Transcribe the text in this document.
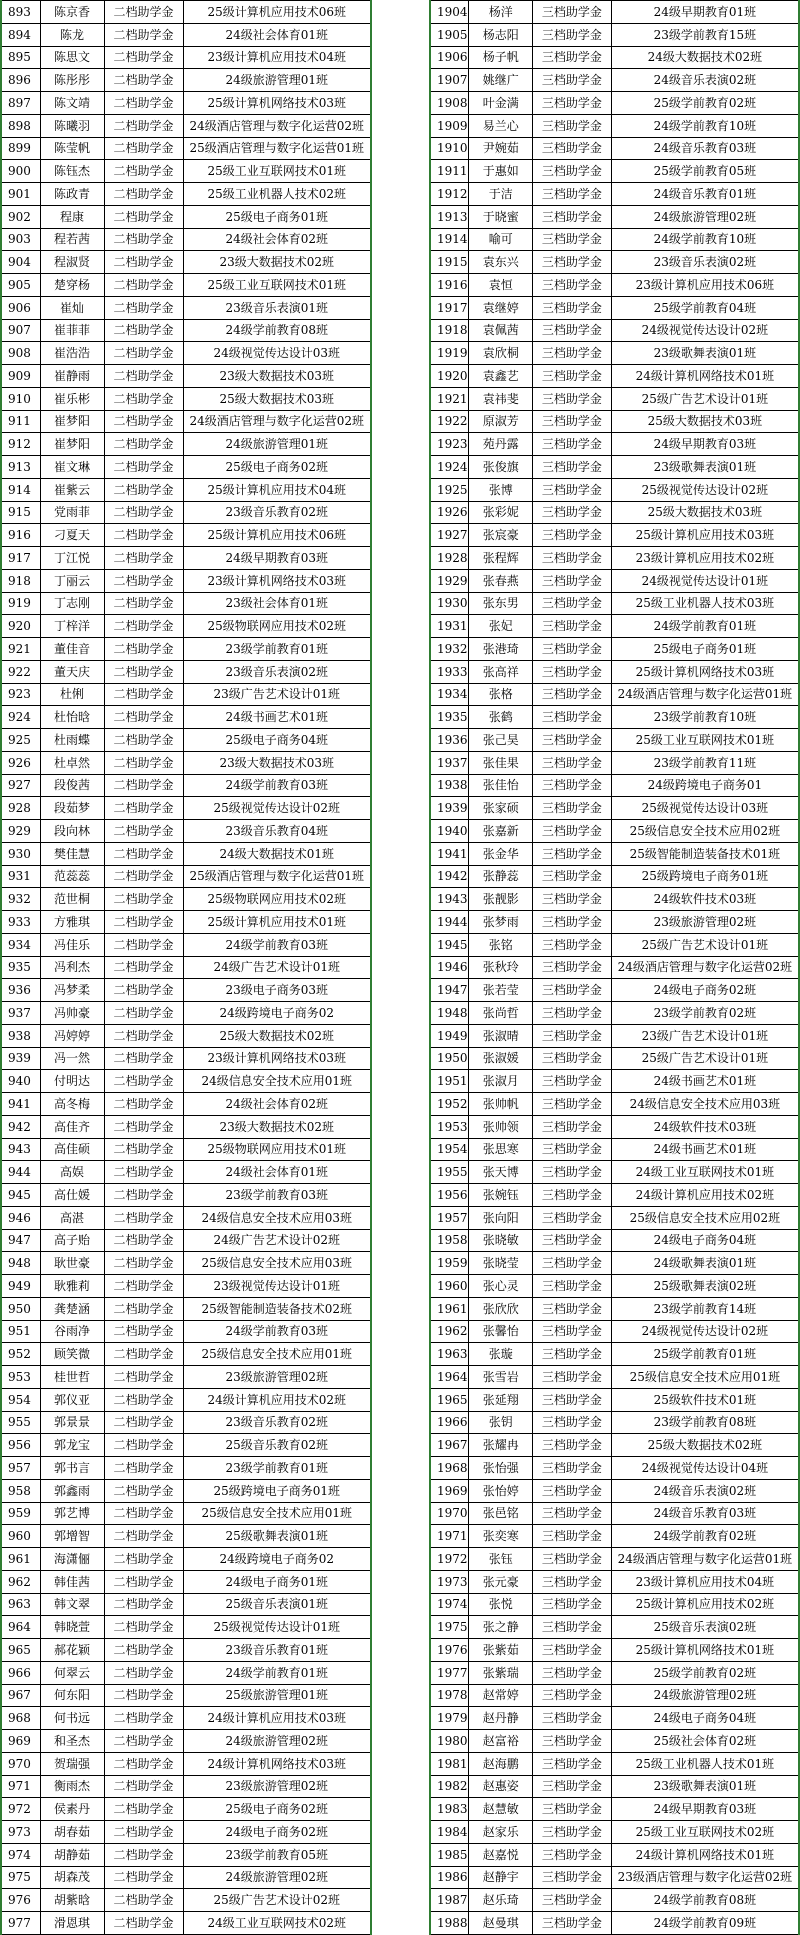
893	陈京香	二档助学金	25级计算机应用技术06班
894	陈龙	二档助学金	24级社会体育01班
895	陈思文	二档助学金	23级计算机应用技术04班
896	陈彤彤	二档助学金	24级旅游管理01班
897	陈文靖	二档助学金	25级计算机网络技术03班
898	陈曦羽	二档助学金	24级酒店管理与数字化运营02班
899	陈莹帆	二档助学金	25级酒店管理与数字化运营01班
900	陈钰杰	二档助学金	25级工业互联网技术01班
901	陈政青	二档助学金	25级工业机器人技术02班
902	程康	二档助学金	25级电子商务01班
903	程若茜	二档助学金	24级社会体育02班
904	程淑贤	二档助学金	23级大数据技术02班
905	楚穿杨	二档助学金	25级工业互联网技术01班
906	崔灿	二档助学金	23级音乐表演01班
907	崔菲菲	二档助学金	24级学前教育08班
908	崔浩浩	二档助学金	24级视觉传达设计03班
909	崔静雨	二档助学金	23级大数据技术03班
910	崔乐彬	二档助学金	25级大数据技术03班
911	崔梦阳	二档助学金	24级酒店管理与数字化运营02班
912	崔梦阳	二档助学金	24级旅游管理01班
913	崔文琳	二档助学金	25级电子商务02班
914	崔紫云	二档助学金	25级计算机应用技术04班
915	党雨菲	二档助学金	23级音乐教育02班
916	刁夏天	二档助学金	25级计算机应用技术06班
917	丁江悦	二档助学金	24级早期教育03班
918	丁丽云	二档助学金	23级计算机网络技术03班
919	丁志刚	二档助学金	23级社会体育01班
920	丁梓洋	二档助学金	25级物联网应用技术02班
921	董佳音	二档助学金	23级学前教育01班
922	董天庆	二档助学金	23级音乐表演02班
923	杜俐	二档助学金	23级广告艺术设计01班
924	杜怡晗	二档助学金	24级书画艺术01班
925	杜雨蝶	二档助学金	25级电子商务04班
926	杜卓然	二档助学金	23级大数据技术03班
927	段俊茜	二档助学金	24级学前教育03班
928	段茹梦	二档助学金	25级视觉传达设计02班
929	段向林	二档助学金	23级音乐教育04班
930	樊佳慧	二档助学金	24级大数据技术01班
931	范蕊蕊	二档助学金	25级酒店管理与数字化运营01班
932	范世桐	二档助学金	25级物联网应用技术02班
933	方雅琪	二档助学金	25级计算机应用技术01班
934	冯佳乐	二档助学金	24级学前教育03班
935	冯利杰	二档助学金	24级广告艺术设计01班
936	冯梦柔	二档助学金	23级电子商务03班
937	冯帅豪	二档助学金	24级跨境电子商务02
938	冯婷婷	二档助学金	25级大数据技术02班
939	冯一然	二档助学金	23级计算机网络技术03班
940	付明达	二档助学金	24级信息安全技术应用01班
941	高冬梅	二档助学金	24级社会体育02班
942	高佳齐	二档助学金	23级大数据技术02班
943	高佳硕	二档助学金	25级物联网应用技术01班
944	高娱	二档助学金	24级社会体育01班
945	高仕媛	二档助学金	23级学前教育03班
946	高湛	二档助学金	24级信息安全技术应用03班
947	高子贻	二档助学金	24级广告艺术设计02班
948	耿世豪	二档助学金	25级信息安全技术应用03班
949	耿雅莉	二档助学金	23级视觉传达设计01班
950	龚楚涵	二档助学金	25级智能制造装备技术02班
951	谷雨净	二档助学金	24级学前教育03班
952	顾笑微	二档助学金	25级信息安全技术应用01班
953	桂世哲	二档助学金	23级旅游管理02班
954	郭仪亚	二档助学金	24级计算机应用技术02班
955	郭景景	二档助学金	23级音乐教育02班
956	郭龙宝	二档助学金	25级音乐教育02班
957	郭书言	二档助学金	23级学前教育01班
958	郭鑫雨	二档助学金	25级跨境电子商务01班
959	郭艺博	二档助学金	25级信息安全技术应用01班
960	郭增智	二档助学金	25级歌舞表演01班
961	海潇俪	二档助学金	24级跨境电子商务02
962	韩佳茜	二档助学金	24级电子商务01班
963	韩文翠	二档助学金	25级音乐表演01班
964	韩晓萱	二档助学金	25级视觉传达设计01班
965	郝花颖	二档助学金	23级音乐教育01班
966	何翠云	二档助学金	24级学前教育01班
967	何东阳	二档助学金	25级旅游管理01班
968	何书远	二档助学金	24级计算机应用技术03班
969	和圣杰	二档助学金	24级旅游管理02班
970	贺瑞强	二档助学金	24级计算机网络技术03班
971	衡雨杰	二档助学金	23级旅游管理02班
972	侯素丹	二档助学金	25级电子商务02班
973	胡春茹	二档助学金	24级电子商务02班
974	胡静茹	二档助学金	23级学前教育05班
975	胡森茂	二档助学金	24级旅游管理02班
976	胡紫晗	二档助学金	25级广告艺术设计02班
977	滑恩琪	二档助学金	24级工业互联网技术02班
1904	杨洋	三档助学金	24级早期教育01班
1905	杨志阳	三档助学金	23级学前教育15班
1906	杨子帆	三档助学金	24级大数据技术02班
1907	姚继广	三档助学金	24级音乐表演02班
1908	叶金满	三档助学金	25级学前教育02班
1909	易兰心	三档助学金	24级学前教育10班
1910	尹婉茹	三档助学金	24级音乐教育03班
1911	于惠如	三档助学金	25级学前教育05班
1912	于洁	三档助学金	24级音乐教育01班
1913	于晓蜜	三档助学金	24级旅游管理02班
1914	喻可	三档助学金	24级学前教育10班
1915	袁东兴	三档助学金	23级音乐表演02班
1916	袁恒	三档助学金	23级计算机应用技术06班
1917	袁继婷	三档助学金	25级学前教育04班
1918	袁佩茜	三档助学金	24级视觉传达设计02班
1919	袁欣桐	三档助学金	23级歌舞表演01班
1920	袁鑫艺	三档助学金	24级计算机网络技术01班
1921	袁祎斐	三档助学金	25级广告艺术设计01班
1922	原淑芳	三档助学金	25级大数据技术03班
1923	苑丹露	三档助学金	24级早期教育03班
1924	张俊旗	三档助学金	23级歌舞表演01班
1925	张博	三档助学金	25级视觉传达设计02班
1926	张彩妮	三档助学金	25级大数据技术03班
1927	张宸豪	三档助学金	25级计算机应用技术03班
1928	张程辉	三档助学金	23级计算机应用技术02班
1929	张春燕	三档助学金	24级视觉传达设计01班
1930	张东男	三档助学金	25级工业机器人技术03班
1931	张妃	三档助学金	24级学前教育01班
1932	张港琦	三档助学金	25级电子商务01班
1933	张高祥	三档助学金	25级计算机网络技术03班
1934	张格	三档助学金	24级酒店管理与数字化运营01班
1935	张鹤	三档助学金	23级学前教育10班
1936	张己昊	三档助学金	25级工业互联网技术01班
1937	张佳果	三档助学金	23级学前教育11班
1938	张佳怡	三档助学金	24级跨境电子商务01
1939	张家硕	三档助学金	25级视觉传达设计03班
1940	张嘉新	三档助学金	25级信息安全技术应用02班
1941	张金华	三档助学金	25级智能制造装备技术01班
1942	张静蕊	三档助学金	25级跨境电子商务01班
1943	张靓影	三档助学金	24级软件技术03班
1944	张梦雨	三档助学金	23级旅游管理02班
1945	张铭	三档助学金	25级广告艺术设计01班
1946	张秋玲	三档助学金	24级酒店管理与数字化运营02班
1947	张若莹	三档助学金	24级电子商务02班
1948	张尚哲	三档助学金	23级学前教育02班
1949	张淑晴	三档助学金	23级广告艺术设计01班
1950	张淑媛	三档助学金	25级广告艺术设计01班
1951	张淑月	三档助学金	24级书画艺术01班
1952	张帅帆	三档助学金	24级信息安全技术应用03班
1953	张帅领	三档助学金	24级软件技术03班
1954	张思寒	三档助学金	24级书画艺术01班
1955	张天博	三档助学金	24级工业互联网技术01班
1956	张婉钰	三档助学金	24级计算机应用技术02班
1957	张向阳	三档助学金	25级信息安全技术应用02班
1958	张晓敏	三档助学金	24级电子商务04班
1959	张晓莹	三档助学金	24级歌舞表演01班
1960	张心灵	三档助学金	25级歌舞表演02班
1961	张欣欣	三档助学金	23级学前教育14班
1962	张馨怡	三档助学金	24级视觉传达设计02班
1963	张璇	三档助学金	25级学前教育01班
1964	张雪岩	三档助学金	25级信息安全技术应用01班
1965	张延翔	三档助学金	25级软件技术01班
1966	张钥	三档助学金	23级学前教育08班
1967	张耀冉	三档助学金	25级大数据技术02班
1968	张怡强	三档助学金	24级视觉传达设计04班
1969	张怡婷	三档助学金	24级音乐表演02班
1970	张邑铭	三档助学金	24级音乐教育03班
1971	张奕寒	三档助学金	24级学前教育02班
1972	张钰	三档助学金	24级酒店管理与数字化运营01班
1973	张元豪	三档助学金	23级计算机应用技术04班
1974	张悦	三档助学金	25级计算机应用技术02班
1975	张之静	三档助学金	25级音乐表演02班
1976	张紫茹	三档助学金	25级计算机网络技术01班
1977	张紫瑞	三档助学金	25级学前教育02班
1978	赵常婷	三档助学金	24级旅游管理02班
1979	赵丹静	三档助学金	24级电子商务04班
1980	赵富裕	三档助学金	25级社会体育02班
1981	赵海鹏	三档助学金	25级工业机器人技术01班
1982	赵惠姿	三档助学金	23级歌舞表演01班
1983	赵慧敏	三档助学金	24级早期教育03班
1984	赵家乐	三档助学金	25级工业互联网技术02班
1985	赵嘉悦	三档助学金	24级计算机网络技术01班
1986	赵静宇	三档助学金	23级酒店管理与数字化运营02班
1987	赵乐琦	三档助学金	24级学前教育08班
1988	赵曼琪	三档助学金	24级学前教育09班
